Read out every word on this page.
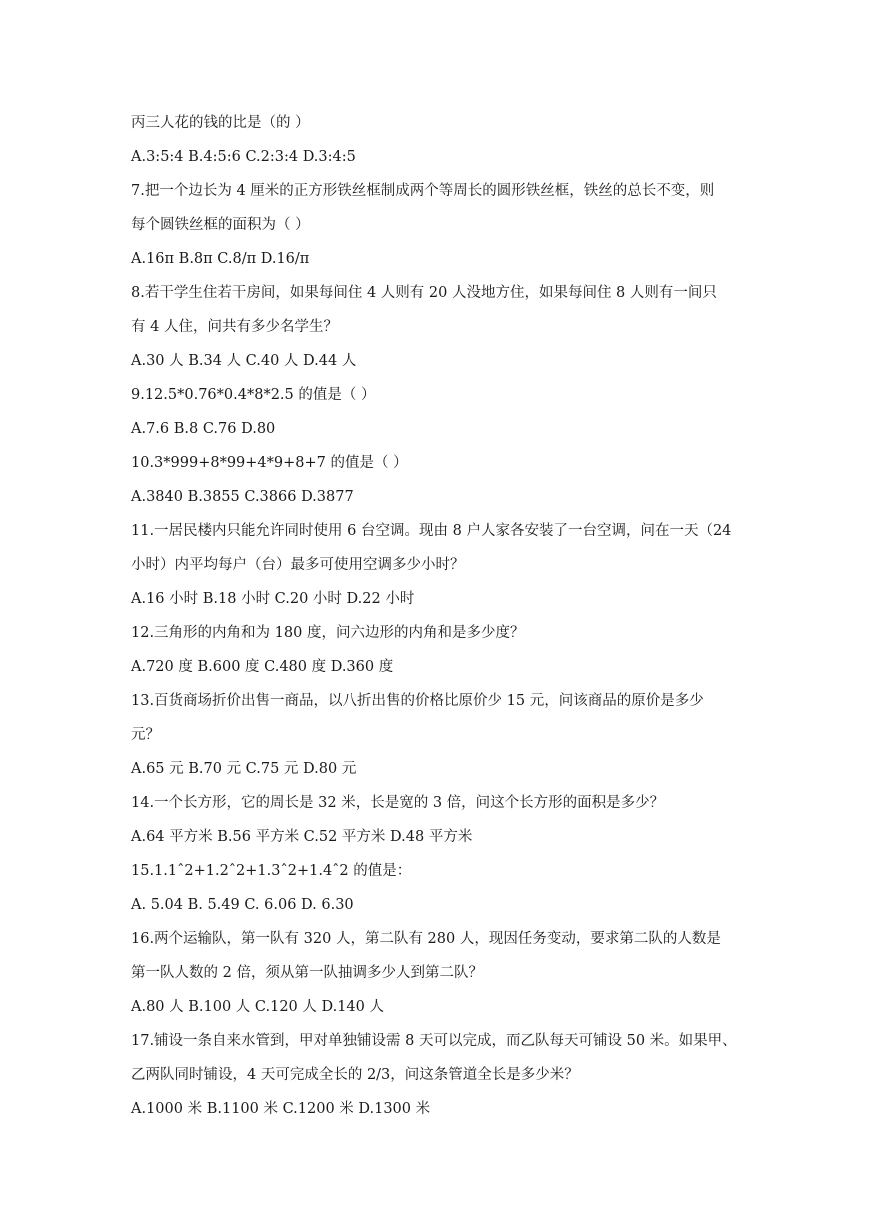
丙三人花的钱的比是（的 ）
A.3:5:4 B.4:5:6 C.2:3:4 D.3:4:5
7.把一个边长为 4 厘米的正方形铁丝框制成两个等周长的圆形铁丝框，铁丝的总长不变，则
每个圆铁丝框的面积为（ ）
A.16π B.8π C.8/π D.16/π
8.若干学生住若干房间，如果每间住 4 人则有 20 人没地方住，如果每间住 8 人则有一间只
有 4 人住，问共有多少名学生？
A.30 人 B.34 人 C.40 人 D.44 人
9.12.5*0.76*0.4*8*2.5 的值是（ ）
A.7.6 B.8 C.76 D.80
10.3*999+8*99+4*9+8+7 的值是（ ）
A.3840 B.3855 C.3866 D.3877
11.一居民楼内只能允许同时使用 6 台空调。现由 8 户人家各安装了一台空调，问在一天（24
小时）内平均每户（台）最多可使用空调多少小时？
A.16 小时 B.18 小时 C.20 小时 D.22 小时
12.三角形的内角和为 180 度，问六边形的内角和是多少度？
A.720 度 B.600 度 C.480 度 D.360 度
13.百货商场折价出售一商品，以八折出售的价格比原价少 15 元，问该商品的原价是多少
元？
A.65 元 B.70 元 C.75 元 D.80 元
14.一个长方形，它的周长是 32 米，长是宽的 3 倍，问这个长方形的面积是多少？
A.64 平方米 B.56 平方米 C.52 平方米 D.48 平方米
15.1.1ˆ2+1.2ˆ2+1.3ˆ2+1.4ˆ2 的值是：
A. 5.04 B. 5.49 C. 6.06 D. 6.30
16.两个运输队，第一队有 320 人，第二队有 280 人，现因任务变动，要求第二队的人数是
第一队人数的 2 倍，须从第一队抽调多少人到第二队？
A.80 人 B.100 人 C.120 人 D.140 人
17.铺设一条自来水管到，甲对单独铺设需 8 天可以完成，而乙队每天可铺设 50 米。如果甲、
乙两队同时铺设，4 天可完成全长的 2/3，问这条管道全长是多少米？
A.1000 米 B.1100 米 C.1200 米 D.1300 米
